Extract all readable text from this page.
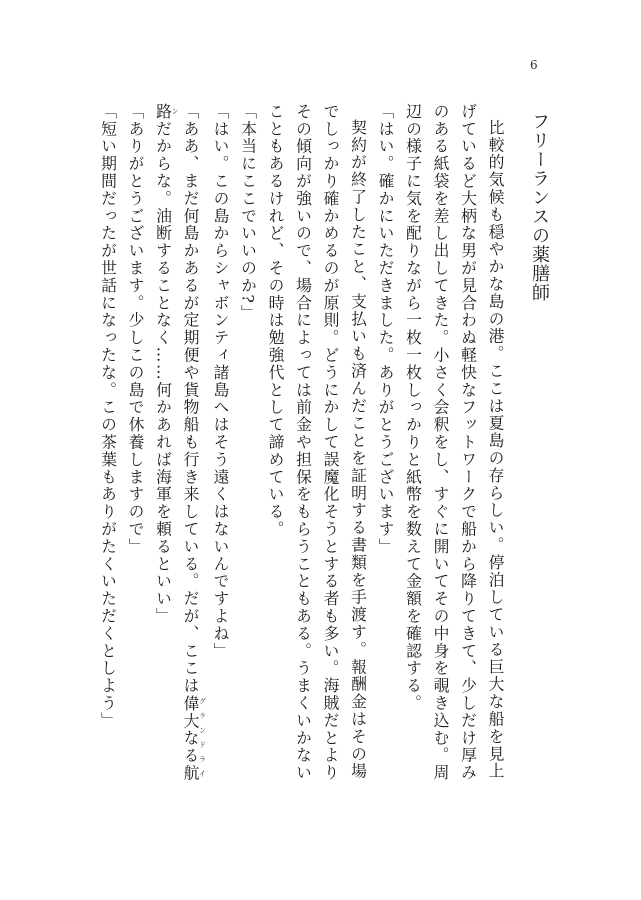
6
フリーランスの薬膳師

比較的気候も穏やかな島の港。ここは夏島の存らしい。停泊している巨大な船を見上げているど大柄な男が見合わぬ軽快なフットワークで船から降りてきて、少しだけ厚みのある紙袋を差し出してきた。小さく会釈をし、すぐに開いてその中身を覗き込む。周辺の様子に気を配りながら一枚一枚しっかりと紙幣を数えて金額を確認する。

「はい。確かにいただきました。ありがとうございます」

契約が終了したこと、支払いも済んだことを証明する書類を手渡す。報酬金はその場でしっかり確かめるのが原則。どうにかして誤魔化そうとする者も多い。海賊だとよりその傾向が強いので、場合によっては前金や担保をもらうこともある。うまくいかないこともあるけれど、その時は勉強代として諦めている。

「本当にここでいいのか?」

「はい。この島からシャボンティ諸島へはそう遠くはないんですよね」

「ああ、まだ何島かあるが定期便や貨物船も行き来している。だが、ここは偉大なる航路グランドラインだからな。油断することなく……何かあれば海軍を頼るといい」

「ありがとうございます。少しこの島で休養しますので」

「短い期間だったが世話になったな。この茶葉もありがたくいただくとしよう」
